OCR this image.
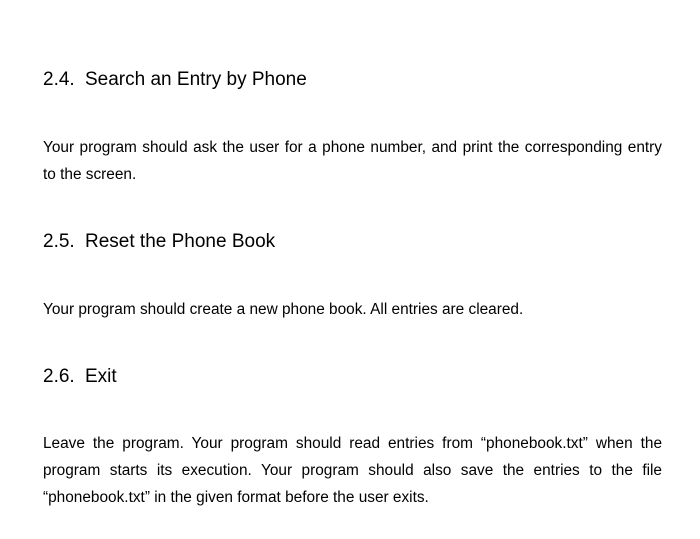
2.4. Search an Entry by Phone

Your program should ask the user for a phone number, and print the corresponding entry to the screen.

2.5. Reset the Phone Book

Your program should create a new phone book. All entries are cleared.

2.6. Exit

Leave the program. Your program should read entries from “phonebook.txt” when the program starts its execution. Your program should also save the entries to the file “phonebook.txt” in the given format before the user exits.
